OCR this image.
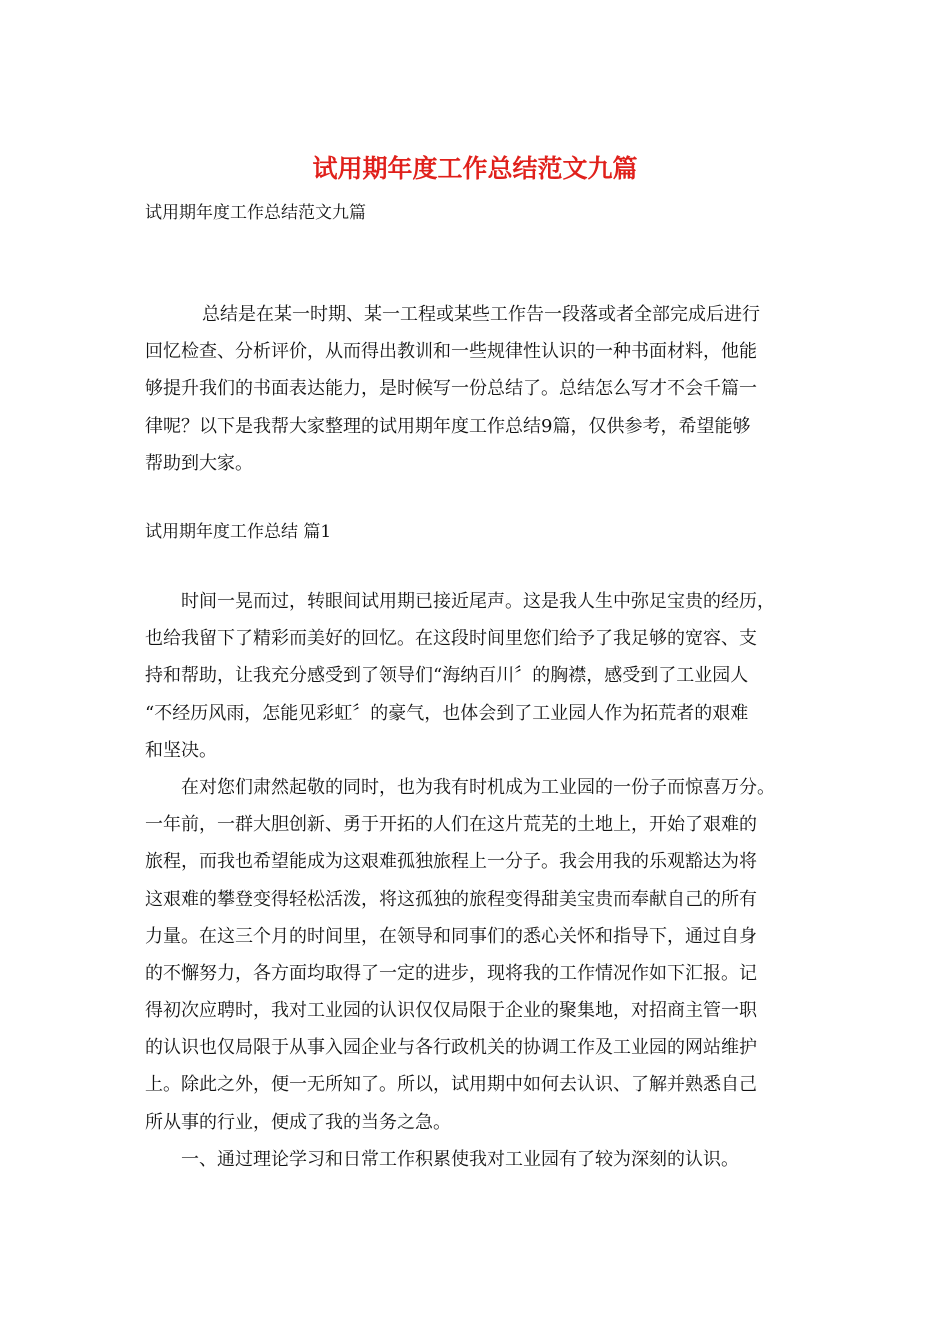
试用期年度工作总结范文九篇
试用期年度工作总结范文九篇
总结是在某一时期、某一工程或某些工作告一段落或者全部完成后进行
回忆检查、分析评价，从而得出教训和一些规律性认识的一种书面材料，他能
够提升我们的书面表达能力，是时候写一份总结了。总结怎么写才不会千篇一
律呢？以下是我帮大家整理的试用期年度工作总结9篇，仅供参考，希望能够
帮助到大家。
试用期年度工作总结 篇1
时间一晃而过，转眼间试用期已接近尾声。这是我人生中弥足宝贵的经历，
也给我留下了精彩而美好的回忆。在这段时间里您们给予了我足够的宽容、支
持和帮助，让我充分感受到了领导们“海纳百川〞的胸襟，感受到了工业园人
“不经历风雨，怎能见彩虹〞的豪气，也体会到了工业园人作为拓荒者的艰难
和坚决。
在对您们肃然起敬的同时，也为我有时机成为工业园的一份子而惊喜万分。
一年前，一群大胆创新、勇于开拓的人们在这片荒芜的土地上，开始了艰难的
旅程，而我也希望能成为这艰难孤独旅程上一分子。我会用我的乐观豁达为将
这艰难的攀登变得轻松活泼，将这孤独的旅程变得甜美宝贵而奉献自己的所有
力量。在这三个月的时间里，在领导和同事们的悉心关怀和指导下，通过自身
的不懈努力，各方面均取得了一定的进步，现将我的工作情况作如下汇报。记
得初次应聘时，我对工业园的认识仅仅局限于企业的聚集地，对招商主管一职
的认识也仅局限于从事入园企业与各行政机关的协调工作及工业园的网站维护
上。除此之外，便一无所知了。所以，试用期中如何去认识、了解并熟悉自己
所从事的行业，便成了我的当务之急。
一、通过理论学习和日常工作积累使我对工业园有了较为深刻的认识。
